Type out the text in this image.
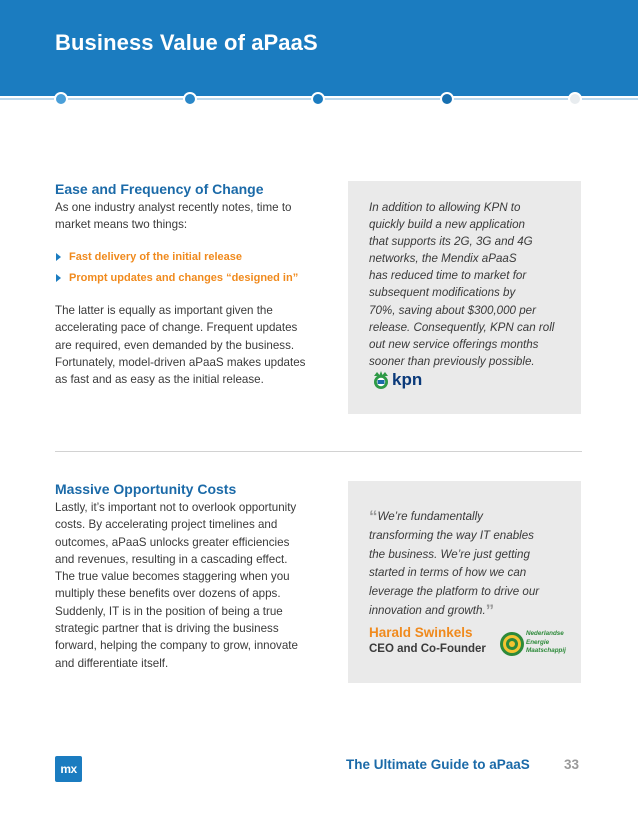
Business Value of aPaaS
Ease and Frequency of Change

As one industry analyst recently notes, time to
market means two things:

Fast delivery of the initial release
Prompt updates and changes “designed in”

The latter is equally as important given the
accelerating pace of change. Frequent updates
are required, even demanded by the business.
Fortunately, model-driven aPaaS makes updates
as fast and as easy as the initial release.

In addition to allowing KPN to
quickly build a new application
that supports its 2G, 3G and 4G
networks, the Mendix aPaaS
has reduced time to market for
subsequent modifications by
70%, saving about $300,000 per
release. Consequently, KPN can roll
out new service offerings months
sooner than previously possible.

kpn
Massive Opportunity Costs

Lastly, it’s important not to overlook opportunity
costs. By accelerating project timelines and
outcomes, aPaaS unlocks greater efficiencies
and revenues, resulting in a cascading effect.
The true value becomes staggering when you
multiply these benefits over dozens of apps.
Suddenly, IT is in the position of being a true
strategic partner that is driving the business
forward, helping the company to grow, innovate
and differentiate itself.

“We’re fundamentally
transforming the way IT enables
the business. We’re just getting
started in terms of how we can
leverage the platform to drive our
innovation and growth.”

Harald Swinkels

CEO and Co-Founder

Nederlandse
Energie
Maatschappij
mx	The Ultimate Guide to aPaaS	33
